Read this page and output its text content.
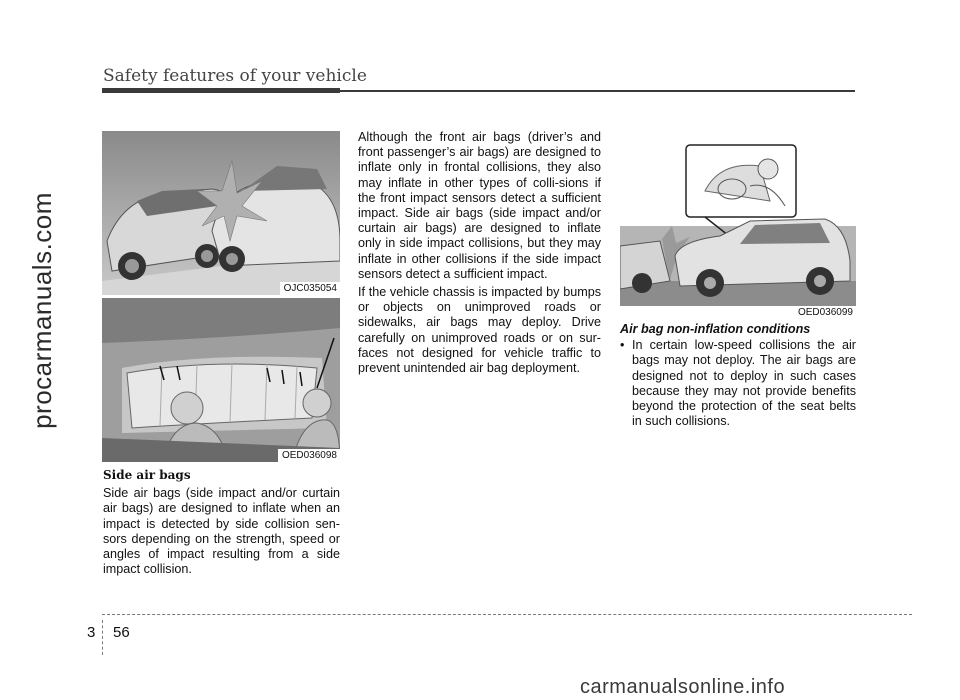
procarmanuals.com
Safety features of your vehicle
OJC035054
OED036098
OED036099
Side air bags

Side air bags (side impact and/or curtain air bags) are designed to inflate when an impact is detected by side collision sen-sors depending on the strength, speed or angles of impact resulting from a side impact collision.

Although the front air bags (driver’s and front passenger’s air bags) are designed to inflate only in frontal collisions, they also may inflate in other types of colli-sions if the front impact sensors detect a sufficient impact. Side air bags (side impact and/or curtain air bags) are designed to inflate only in side impact collisions, but they may inflate in other collisions if the side impact sensors detect a sufficient impact.

If the vehicle chassis is impacted by bumps or objects on unimproved roads or sidewalks, air bags may deploy. Drive carefully on unimproved roads or on sur-faces not designed for vehicle traffic to prevent unintended air bag deployment.

Air bag non-inflation conditions
• In certain low-speed collisions the air bags may not deploy. The air bags are designed not to deploy in such cases because they may not provide benefits beyond the protection of the seat belts in such collisions.
3 56
carmanualsonline.info
